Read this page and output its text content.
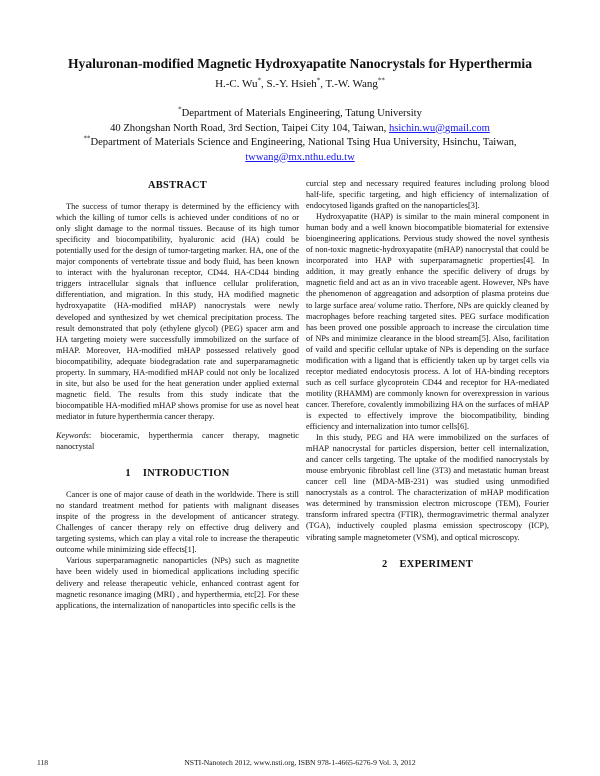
Hyaluronan-modified Magnetic Hydroxyapatite Nanocrystals for Hyperthermia
H.-C. Wu*, S.-Y. Hsieh*, T.-W. Wang**

*Department of Materials Engineering, Tatung University

40 Zhongshan North Road, 3rd Section, Taipei City 104, Taiwan, hsichin.wu@gmail.com

**Department of Materials Science and Engineering, National Tsing Hua University, Hsinchu, Taiwan,

twwang@mx.nthu.edu.tw

ABSTRACT

The success of tumor therapy is determined by the efficiency with which the killing of tumor cells is achieved under conditions of no or only slight damage to the normal tissues. Because of its high tumor specificity and biocompatibility, hyaluronic acid (HA) could be potentially used for the design of tumor-targeting marker. HA, one of the major components of vertebrate tissue and body fluid, has been known to interact with the hyaluronan receptor, CD44. HA-CD44 binding triggers intracellular signals that influence cellular proliferation, differentiation, and migration. In this study, HA modified magnetic hydroxyapatite (HA-modified mHAP) nanocrystals were newly developed and synthesized by wet chemical precipitation process. The result demonstrated that poly (ethylene glycol) (PEG) spacer arm and HA targeting moiety were successfully immobilized on the surface of mHAP. Moreover, HA-modified mHAP possessed relatively good biocompatibility, adequate biodegradation rate and superparamagnetic property. In summary, HA-modified mHAP could not only be localized in site, but also be used for the heat generation under applied external magnetic field. The results from this study indicate that the biocompatible HA-modified mHAP shows promise for use as novel heat mediator in future hyperthermia cancer therapy.

Keywords: bioceramic, hyperthermia cancer therapy, magnetic nanocrystal

1 INTRODUCTION

Cancer is one of major cause of death in the worldwide. There is still no standard treatment method for patients with malignant diseases inspite of the progress in the development of anticancer strategy. Challenges of cancer therapy rely on effective drug delivery and targeting systems, which can play a vital role to increase the therapeutic outcome while minimizing side effects[1].

Various superparamagnetic nanoparticles (NPs) such as magnetite have been widely used in biomedical applications including specific delivery and release therapeutic vehicle, enhanced contrast agent for magnetic resonance imaging (MRI) , and hyperthermia, etc[2]. For these applications, the internalization of nanoparticles into specific cells is the

curcial step and necessary required features including prolong blood half-life, specific targeting, and high efficiency of internalization of endocytosed ligands grafted on the nanoparticles[3].

Hydroxyapatite (HAP) is similar to the main mineral component in human body and a well known biocompatible biomaterial for extensive bioengineering applications. Pervious study showed the novel synthesis of non-toxic magnetic-hydroxyapatite (mHAP) nanocrystal that could be incorporated into HAP with superparamagnetic properties[4]. In addition, it may greatly enhance the specific delivery of drugs by magnetic field and act as an in vivo traceable agent. However, NPs have the phenomenon of aggreagation and adsorption of plasma proteins due to large surface area/ volume ratio. Therfore, NPs are quickly cleaned by macrophages before reaching targeted sites. PEG surface modification has been proved one possible approach to increase the circulation time of NPs and minimize clearance in the blood stream[5]. Also, facilitation of vaild and specific cellular uptake of NPs is depending on the surface modification with a ligand that is efficiently taken up by target cells via receptor mediated endocytosis process. A lot of HA-binding receptors such as cell surface glycoprotein CD44 and receptor for HA-mediated motility (RHAMM) are commonly known for overexpression in various cancer. Therefore, covalently immobilizing HA on the surfaces of mHAP is expected to effectively improve the biocompatibility, binding efficiency and internalization into tumor cells[6].

In this study, PEG and HA were immobilized on the surfaces of mHAP nanocrystal for particles dispersion, better cell internalization, and cancer cells targeting. The uptake of the modified nanocrystals by mouse embryonic fibroblast cell line (3T3) and metastatic human breast cancer cell line (MDA-MB-231) was studied using unmodified nanocrystals as a control. The characterization of mHAP modification was determined by transmission electron microscope (TEM), Fourier transform infrared spectra (FTIR), thermogravimetric thermal analyzer (TGA), inductively coupled plasma emission spectroscopy (ICP), vibrating sample magnetometer (VSM), and optical microscopy.

2 EXPERIMENT
118	NSTI-Nanotech 2012, www.nsti.org, ISBN 978-1-4665-6276-9 Vol. 3, 2012
